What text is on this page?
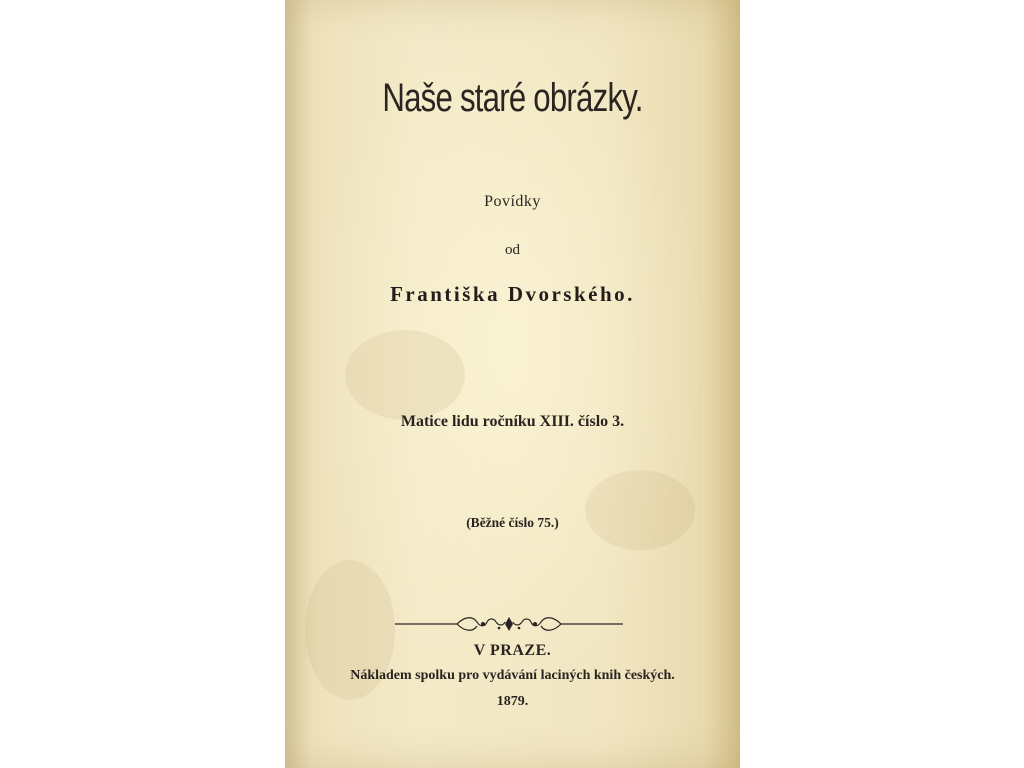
Naše staré obrázky.
Povídky
od
Františka Dvorského.
Matice lidu ročníku XIII. číslo 3.
(Běžné číslo 75.)
V PRAZE.
Nákladem spolku pro vydávání laciných knih českých.
1879.
